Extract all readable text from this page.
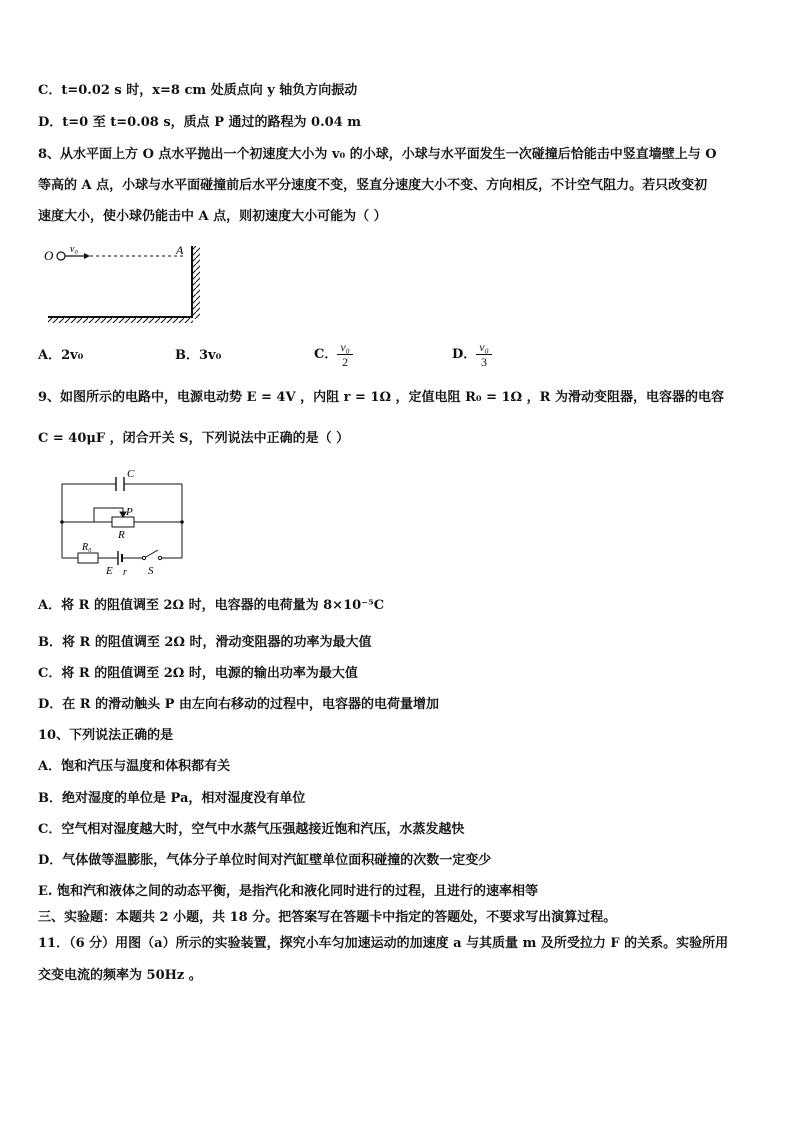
C．t=0.02 s 时，x=8 cm 处质点向 y 轴负方向振动
D．t=0 至 t=0.08 s，质点 P 通过的路程为 0.04 m
8、从水平面上方 O 点水平抛出一个初速度大小为 v₀ 的小球，小球与水平面发生一次碰撞后恰能击中竖直墙壁上与 O
等高的 A 点，小球与水平面碰撞前后水平分速度不变，竖直分速度大小不变、方向相反，不计空气阻力。若只改变初
速度大小，使小球仍能击中 A 点，则初速度大小可能为（ ）
O v₀	A
A．2v₀	B．3v₀	C． $\frac{\text{v₀}}{2}$	D． $\frac{\text{v₀}}{3}$
9、如图所示的电路中，电源电动势 E = 4V ，内阻 r = 1Ω ，定值电阻 R₀ = 1Ω ，R 为滑动变阻器，电容器的电容
C = 40μF ，闭合开关 S，下列说法中正确的是（ ）
C
P
R
R₀
E r S
A．将 R 的阻值调至 2Ω 时，电容器的电荷量为 8×10⁻⁵C
B．将 R 的阻值调至 2Ω 时，滑动变阻器的功率为最大值
C．将 R 的阻值调至 2Ω 时，电源的输出功率为最大值
D．在 R 的滑动触头 P 由左向右移动的过程中，电容器的电荷量增加
10、下列说法正确的是
A．饱和汽压与温度和体积都有关
B．绝对湿度的单位是 Pa，相对湿度没有单位
C．空气相对湿度越大时，空气中水蒸气压强越接近饱和汽压，水蒸发越快
D．气体做等温膨胀，气体分子单位时间对汽缸壁单位面积碰撞的次数一定变少
E. 饱和汽和液体之间的动态平衡，是指汽化和液化同时进行的过程，且进行的速率相等
三、实验题：本题共 2 小题，共 18 分。把答案写在答题卡中指定的答题处，不要求写出演算过程。
11．（6 分）用图（a）所示的实验装置，探究小车匀加速运动的加速度 a 与其质量 m 及所受拉力 F 的关系。实验所用
交变电流的频率为 50Hz 。
